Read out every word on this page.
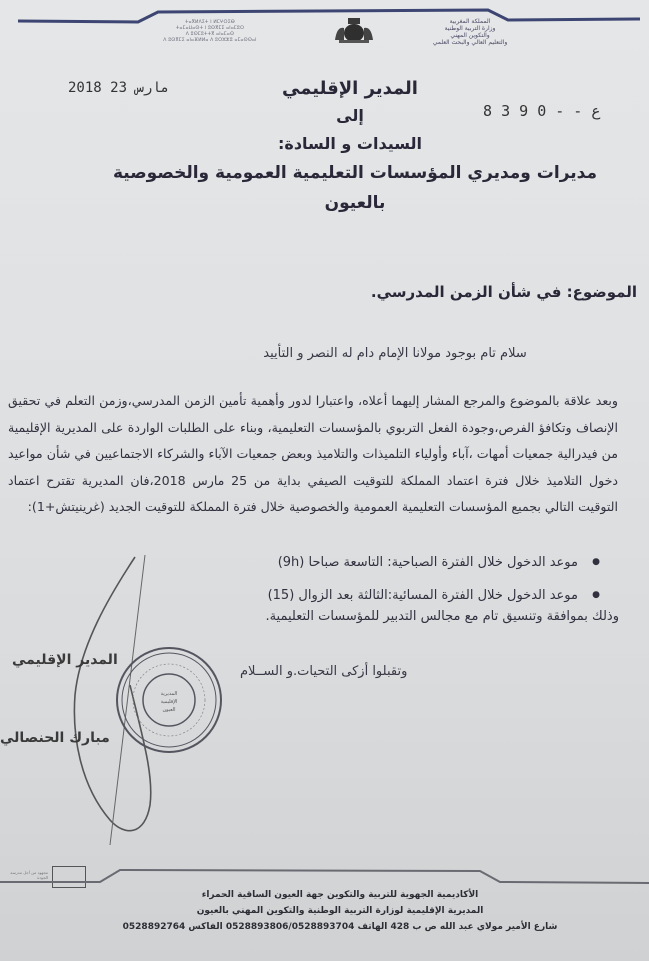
ⵜⴰⴳⵍⴷⵉⵜ ⵏ ⵍⵎⵖⵔⵉⴱ
ⵜⴰⵎⴰⵡⴰⵙⵜ ⵏ ⵓⵙⴳⵎⵉ ⴰⵏⴰⵎⵓⵔ
ⴷ ⵓⵙⵎⵓⵜⵜⴳ ⴰⵏⴰⵎⴰⵙ
ⴷ ⵓⵙⴳⵎⵉ ⴰⵏⴰⴼⵍⵍⴰ ⴷ ⵓⵔⵣⵣⵓ ⴰⵎⴰⵙⵙⴰⵏ
المملكة المغربية
وزارة التربية الوطنية
والتكوين المهني
والتعليم العالي والبحث العلمي
2018 مارس 23
ع - - 0 9 3 8
المدير الإقليمي
إلى
السيدات و السادة:
مديرات ومديري المؤسسات التعليمية العمومية والخصوصية
بالعيون
الموضوع: في شأن الزمن المدرسي.
سلام تام بوجود مولانا الإمام دام له النصر و التأييد

وبعد علاقة بالموضوع والمرجع المشار إليهما أعلاه، واعتبارا لدور وأهمية تأمين الزمن المدرسي،وزمن التعلم في تحقيق الإنصاف وتكافؤ الفرص،وجودة الفعل التربوي بالمؤسسات التعليمية، وبناء على الطلبات الواردة على المديرية الإقليمية من فيدرالية جمعيات أمهات ،آباء وأولياء التلميذات والتلاميذ وبعض جمعيات الآباء والشركاء الاجتماعيين في شأن مواعيد دخول التلاميذ خلال فترة اعتماد المملكة للتوقيت الصيفي بداية من 25 مارس 2018،فان المديرية تقترح اعتماد التوقيت التالي بجميع المؤسسات التعليمية العمومية والخصوصية خلال فترة المملكة للتوقيت الجديد (غرينيتش+1):

● موعد الدخول خلال الفترة الصباحية: التاسعة صباحا (9h)
● موعد الدخول خلال الفترة المسائية:الثالثة بعد الزوال (15)
وذلك بموافقة وتنسيق تام مع مجالس التدبير للمؤسسات التعليمية.
وتقبلوا أزكى التحيات.و الســلام
المدير الإقليمي
مبارك الحنصالي
المديرية
الإقليمية
العيون
مجهود من أجل مدرسة الجودة
الأكاديمية الجهوية للتربية والتكوين جهة العيون الساقية الحمراء
المديرية الإقليمية لوزارة التربية الوطنية والتكوين المهني بالعيون
شارع الأمير مولاي عبد الله ص ب 428 الهاتف 0528893806/0528893704 الفاكس 0528892764
